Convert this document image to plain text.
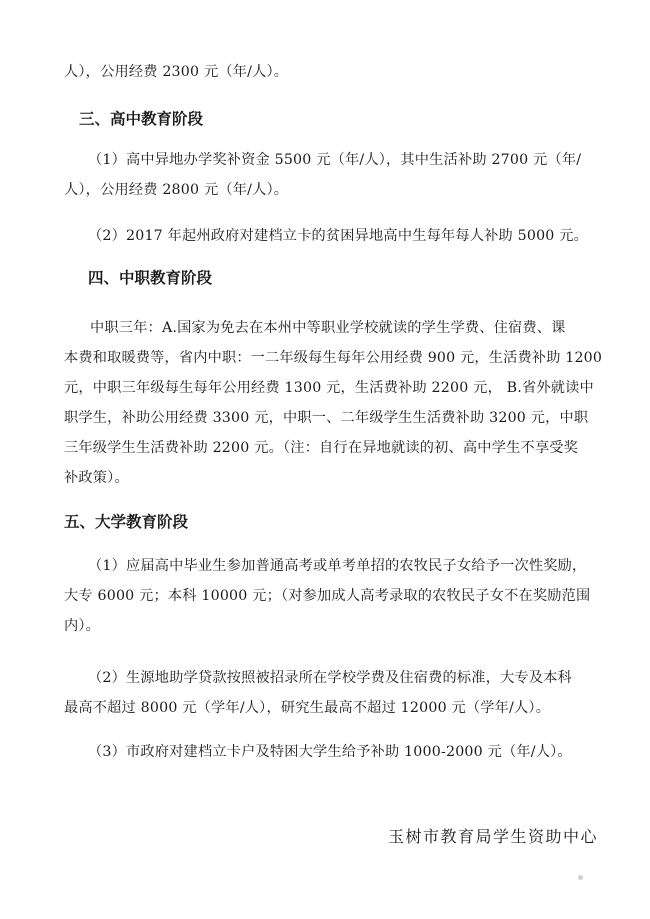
人），公用经费 2300 元（年/人）。
三、高中教育阶段
（1）高中异地办学奖补资金 5500 元（年/人），其中生活补助 2700 元（年/
人），公用经费 2800 元（年/人）。
（2）2017 年起州政府对建档立卡的贫困异地高中生每年每人补助 5000 元。
四、中职教育阶段
中职三年：A.国家为免去在本州中等职业学校就读的学生学费、住宿费、课
本费和取暖费等，省内中职：一二年级每生每年公用经费 900 元，生活费补助 1200
元，中职三年级每生每年公用经费 1300 元，生活费补助 2200 元， B.省外就读中
职学生，补助公用经费 3300 元，中职一、二年级学生生活费补助 3200 元，中职
三年级学生生活费补助 2200 元。（注：自行在异地就读的初、高中学生不享受奖
补政策）。
五、大学教育阶段
（1）应届高中毕业生参加普通高考或单考单招的农牧民子女给予一次性奖励，
大专 6000 元；本科 10000 元；（对参加成人高考录取的农牧民子女不在奖励范围
内）。
（2）生源地助学贷款按照被招录所在学校学费及住宿费的标准，大专及本科
最高不超过 8000 元（学年/人），研究生最高不超过 12000 元（学年/人）。
（3）市政府对建档立卡户及特困大学生给予补助 1000-2000 元（年/人）。
玉树市教育局学生资助中心
